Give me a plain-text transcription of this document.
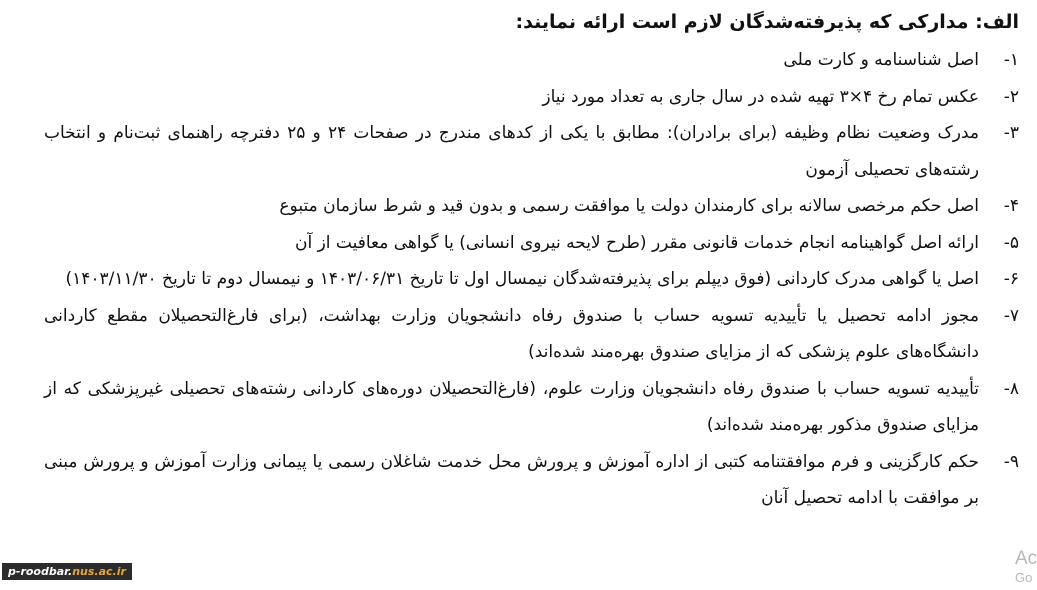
الف: مدارکی که پذیرفته‌شدگان لازم است ارائه نمایند:
۱-
اصل شناسنامه و کارت ملی
۲-
عکس تمام رخ ۴×۳ تهیه شده در سال جاری به تعداد مورد نیاز
۳-
مدرک وضعیت نظام وظیفه (برای برادران): مطابق با یکی از کدهای مندرج در صفحات ۲۴ و ۲۵ دفترچه راهنمای ثبت‌نام و انتخاب رشته‌های تحصیلی آزمون
۴-
اصل حکم مرخصی سالانه برای کارمندان دولت یا موافقت رسمی و بدون قید و شرط سازمان متبوع
۵-
ارائه اصل گواهینامه انجام خدمات قانونی مقرر (طرح لایحه نیروی انسانی) یا گواهی معافیت از آن
۶-
اصل یا گواهی مدرک کاردانی (فوق دیپلم برای پذیرفته‌شدگان نیمسال اول تا تاریخ ۱۴۰۳/۰۶/۳۱ و نیمسال دوم تا تاریخ ۱۴۰۳/۱۱/۳۰)
۷-
مجوز ادامه تحصیل یا تأییدیه تسویه حساب با صندوق رفاه دانشجویان وزارت بهداشت، (برای فارغ‌التحصیلان مقطع کاردانی دانشگاه‌های علوم پزشکی که از مزایای صندوق بهره‌مند شده‌اند)
۸-
تأییدیه تسویه حساب با صندوق رفاه دانشجویان وزارت علوم، (فارغ‌التحصیلان دوره‌های کاردانی رشته‌های تحصیلی غیرپزشکی که از مزایای صندوق مذکور بهره‌مند شده‌اند)
۹-
حکم کارگزینی و فرم موافقتنامه کتبی از اداره آموزش و پرورش محل خدمت شاغلان رسمی یا پیمانی وزارت آموزش و پرورش مبنی بر موافقت با ادامه تحصیل آنان
p-roodbar.nus.ac.ir
Ac
Go
